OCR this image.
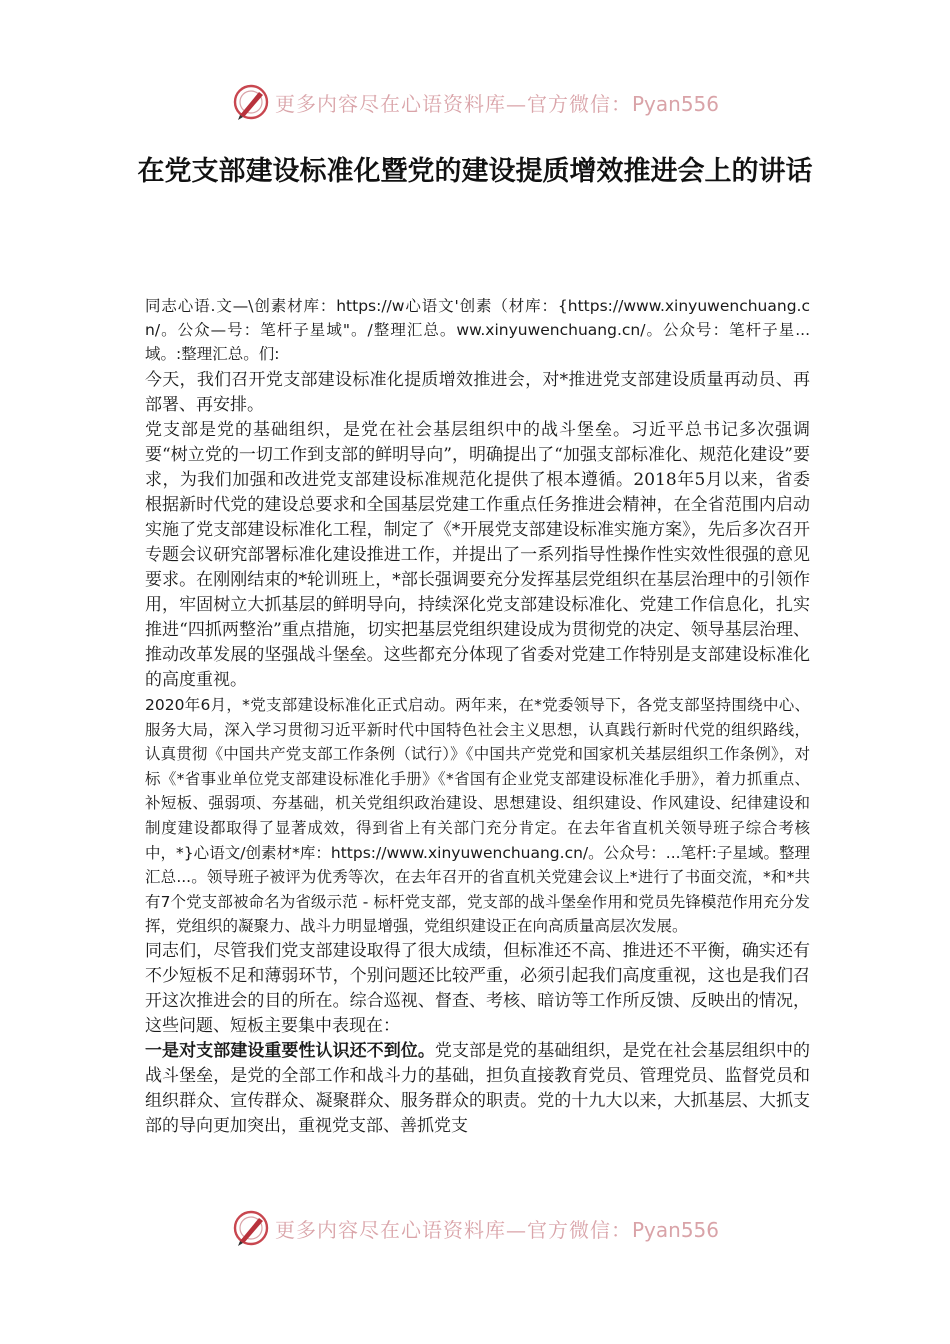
更多内容尽在心语资料库—官方微信：Pyan556
在党支部建设标准化暨党的建设提质增效推进会上的讲话

同志心语.文—\创素材库：https://w心语文'创素（材库：{https://www.xinyuwenchuang.cn/。公众—号：笔杆子星域"。/整理汇总。ww.xinyuwenchuang.cn/。公众号：笔杆子星...域。:整理汇总。们:

今天，我们召开党支部建设标准化提质增效推进会，对*推进党支部建设质量再动员、再部署、再安排。

党支部是党的基础组织，是党在社会基层组织中的战斗堡垒。习近平总书记多次强调要“树立党的一切工作到支部的鲜明导向”，明确提出了“加强支部标准化、规范化建设”要求，为我们加强和改进党支部建设标准规范化提供了根本遵循。2018年5月以来，省委根据新时代党的建设总要求和全国基层党建工作重点任务推进会精神，在全省范围内启动实施了党支部建设标准化工程，制定了《*开展党支部建设标准实施方案》，先后多次召开专题会议研究部署标准化建设推进工作，并提出了一系列指导性操作性实效性很强的意见要求。在刚刚结束的*轮训班上，*部长强调要充分发挥基层党组织在基层治理中的引领作用，牢固树立大抓基层的鲜明导向，持续深化党支部建设标准化、党建工作信息化，扎实推进“四抓两整治”重点措施，切实把基层党组织建设成为贯彻党的决定、领导基层治理、推动改革发展的坚强战斗堡垒。这些都充分体现了省委对党建工作特别是支部建设标准化的高度重视。

2020年6月，*党支部建设标准化正式启动。两年来，在*党委领导下，各党支部坚持围绕中心、服务大局，深入学习贯彻习近平新时代中国特色社会主义思想，认真践行新时代党的组织路线，认真贯彻《中国共产党支部工作条例（试行）》《中国共产党党和国家机关基层组织工作条例》，对标《*省事业单位党支部建设标准化手册》《*省国有企业党支部建设标准化手册》，着力抓重点、补短板、强弱项、夯基础，机关党组织政治建设、思想建设、组织建设、作风建设、纪律建设和制度建设都取得了显著成效，得到省上有关部门充分肯定。在去年省直机关领导班子综合考核中，*}心语文/创素材*库：https://www.xinyuwenchuang.cn/。公众号：...笔杆:子星域。整理汇总...。领导班子被评为优秀等次，在去年召开的省直机关党建会议上*进行了书面交流，*和*共有7个党支部被命名为省级示范 - 标杆党支部，党支部的战斗堡垒作用和党员先锋模范作用充分发挥，党组织的凝聚力、战斗力明显增强，党组织建设正在向高质量高层次发展。

同志们，尽管我们党支部建设取得了很大成绩，但标准还不高、推进还不平衡，确实还有不少短板不足和薄弱环节，个别问题还比较严重，必须引起我们高度重视，这也是我们召开这次推进会的目的所在。综合巡视、督查、考核、暗访等工作所反馈、反映出的情况，这些问题、短板主要集中表现在：

一是对支部建设重要性认识还不到位。党支部是党的基础组织，是党在社会基层组织中的战斗堡垒，是党的全部工作和战斗力的基础，担负直接教育党员、管理党员、监督党员和组织群众、宣传群众、凝聚群众、服务群众的职责。党的十九大以来，大抓基层、大抓支部的导向更加突出，重视党支部、善抓党支

更多内容尽在心语资料库—官方微信：Pyan556
